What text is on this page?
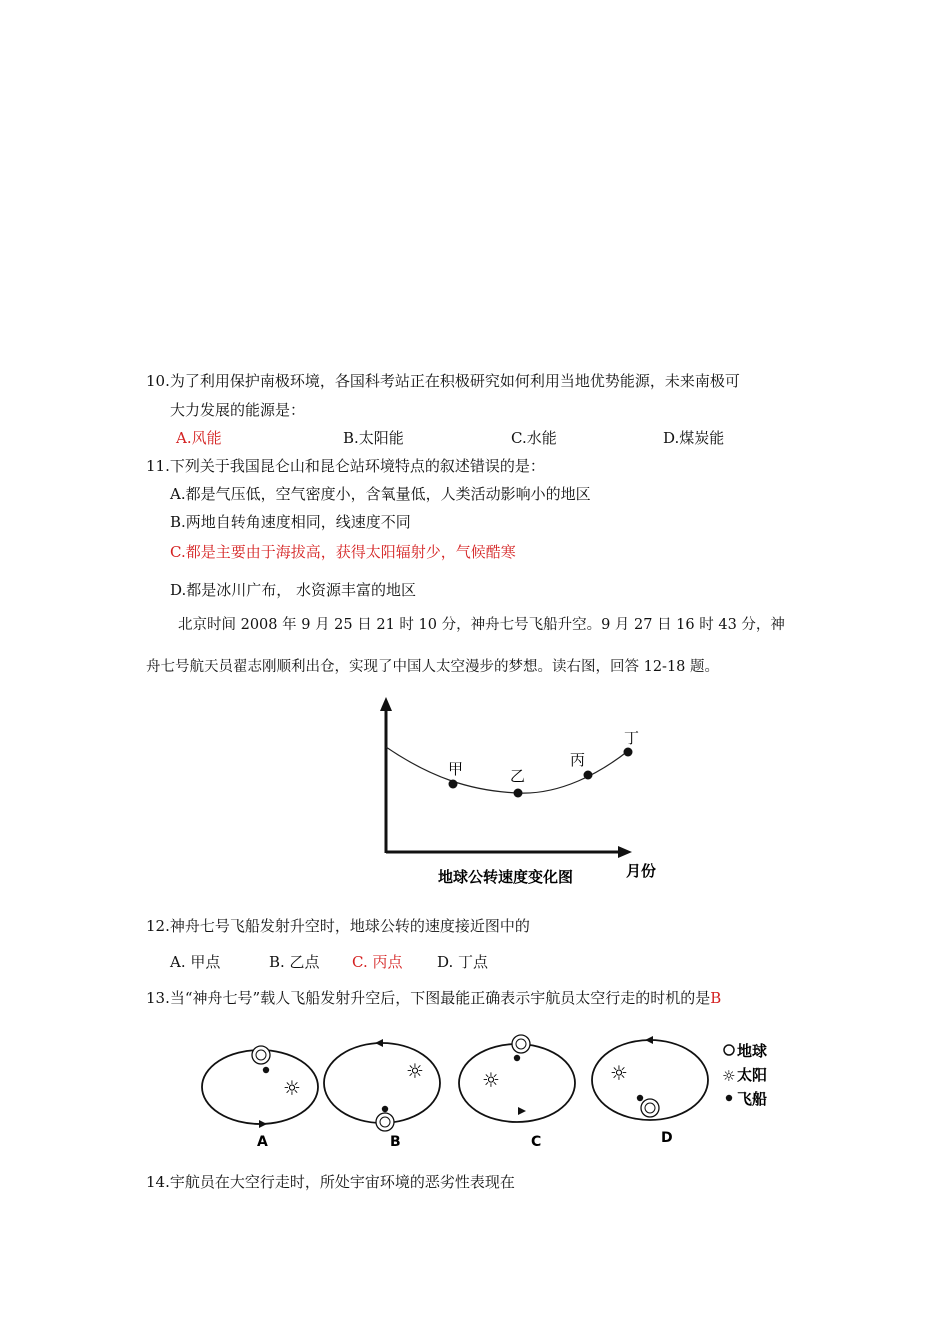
10.为了利用保护南极环境，各国科考站正在积极研究如何利用当地优势能源，未来南极可
大力发展的能源是：
A.风能	B.太阳能	C.水能	D.煤炭能
11.下列关于我国昆仑山和昆仑站环境特点的叙述错误的是：
A.都是气压低，空气密度小，含氧量低，人类活动影响小的地区
B.两地自转角速度相同，线速度不同
C.都是主要由于海拔高，获得太阳辐射少，气候酷寒
D.都是冰川广布， 水资源丰富的地区
北京时间 2008 年 9 月 25 日 21 时 10 分，神舟七号飞船升空。9 月 27 日 16 时 43 分，神
舟七号航天员翟志刚顺利出仓，实现了中国人太空漫步的梦想。读右图，回答 12-18 题。
甲	乙
丙
丁
地球公转速度变化图	月份
12.神舟七号飞船发射升空时，地球公转的速度接近图中的
A. 甲点	B. 乙点 C. 丙点 D. 丁点
13.当“神舟七号”载人飞船发射升空后，下图最能正确表示宇航员太空行走的时机的是B
☼
A
☼
B
☼
C
☼
D
地球
☼ 太阳
飞船
14.宇航员在大空行走时，所处宇宙环境的恶劣性表现在
